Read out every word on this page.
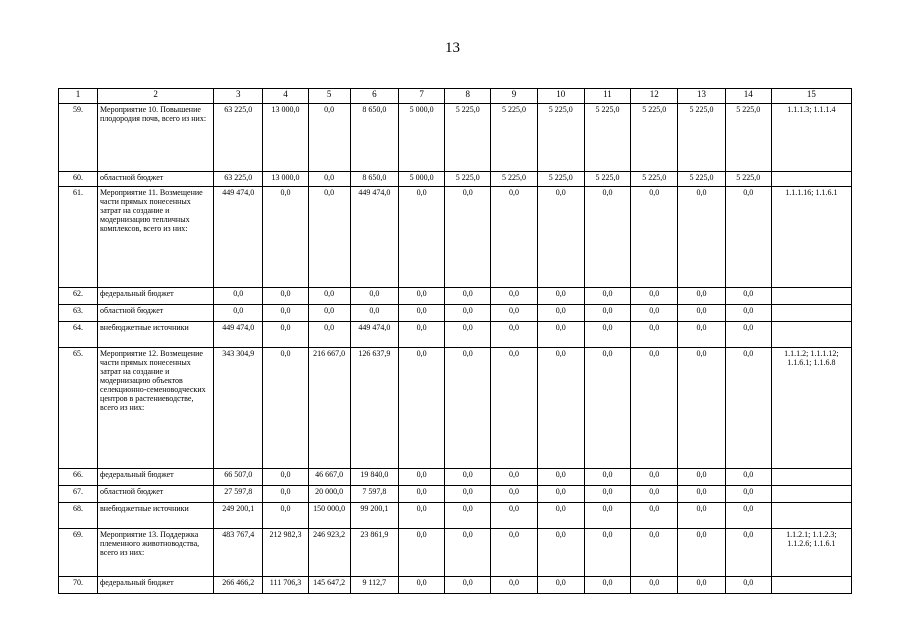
13
1	2	3	4	5	6	7	8	9	10	11	12	13	14	15
59.	Мероприятие 10. Повышение плодородия почв, всего из них:	63 225,0	13 000,0	0,0	8 650,0	5 000,0	5 225,0	5 225,0	5 225,0	5 225,0	5 225,0	5 225,0	5 225,0	1.1.1.3; 1.1.1.4
60.	областной бюджет	63 225,0	13 000,0	0,0	8 650,0	5 000,0	5 225,0	5 225,0	5 225,0	5 225,0	5 225,0	5 225,0	5 225,0	
61.	Мероприятие 11. Возмещение части прямых понесенных затрат на создание и модернизацию тепличных комплексов, всего из них:	449 474,0	0,0	0,0	449 474,0	0,0	0,0	0,0	0,0	0,0	0,0	0,0	0,0	1.1.1.16; 1.1.6.1
62.	федеральный бюджет	0,0	0,0	0,0	0,0	0,0	0,0	0,0	0,0	0,0	0,0	0,0	0,0	
63.	областной бюджет	0,0	0,0	0,0	0,0	0,0	0,0	0,0	0,0	0,0	0,0	0,0	0,0	
64.	внебюджетные источники	449 474,0	0,0	0,0	449 474,0	0,0	0,0	0,0	0,0	0,0	0,0	0,0	0,0	
65.	Мероприятие 12. Возмещение части прямых понесенных затрат на создание и модернизацию объектов селекционно-семеноводческих центров в растениеводстве, всего из них:	343 304,9	0,0	216 667,0	126 637,9	0,0	0,0	0,0	0,0	0,0	0,0	0,0	0,0	1.1.1.2; 1.1.1.12; 1.1.6.1; 1.1.6.8
66.	федеральный бюджет	66 507,0	0,0	46 667,0	19 840,0	0,0	0,0	0,0	0,0	0,0	0,0	0,0	0,0	
67.	областной бюджет	27 597,8	0,0	20 000,0	7 597,8	0,0	0,0	0,0	0,0	0,0	0,0	0,0	0,0	
68.	внебюджетные источники	249 200,1	0,0	150 000,0	99 200,1	0,0	0,0	0,0	0,0	0,0	0,0	0,0	0,0	
69.	Мероприятие 13. Поддержка племенного животноводства, всего из них:	483 767,4	212 982,3	246 923,2	23 861,9	0,0	0,0	0,0	0,0	0,0	0,0	0,0	0,0	1.1.2.1; 1.1.2.3; 1.1.2.6; 1.1.6.1
70.	федеральный бюджет	266 466,2	111 706,3	145 647,2	9 112,7	0,0	0,0	0,0	0,0	0,0	0,0	0,0	0,0	
